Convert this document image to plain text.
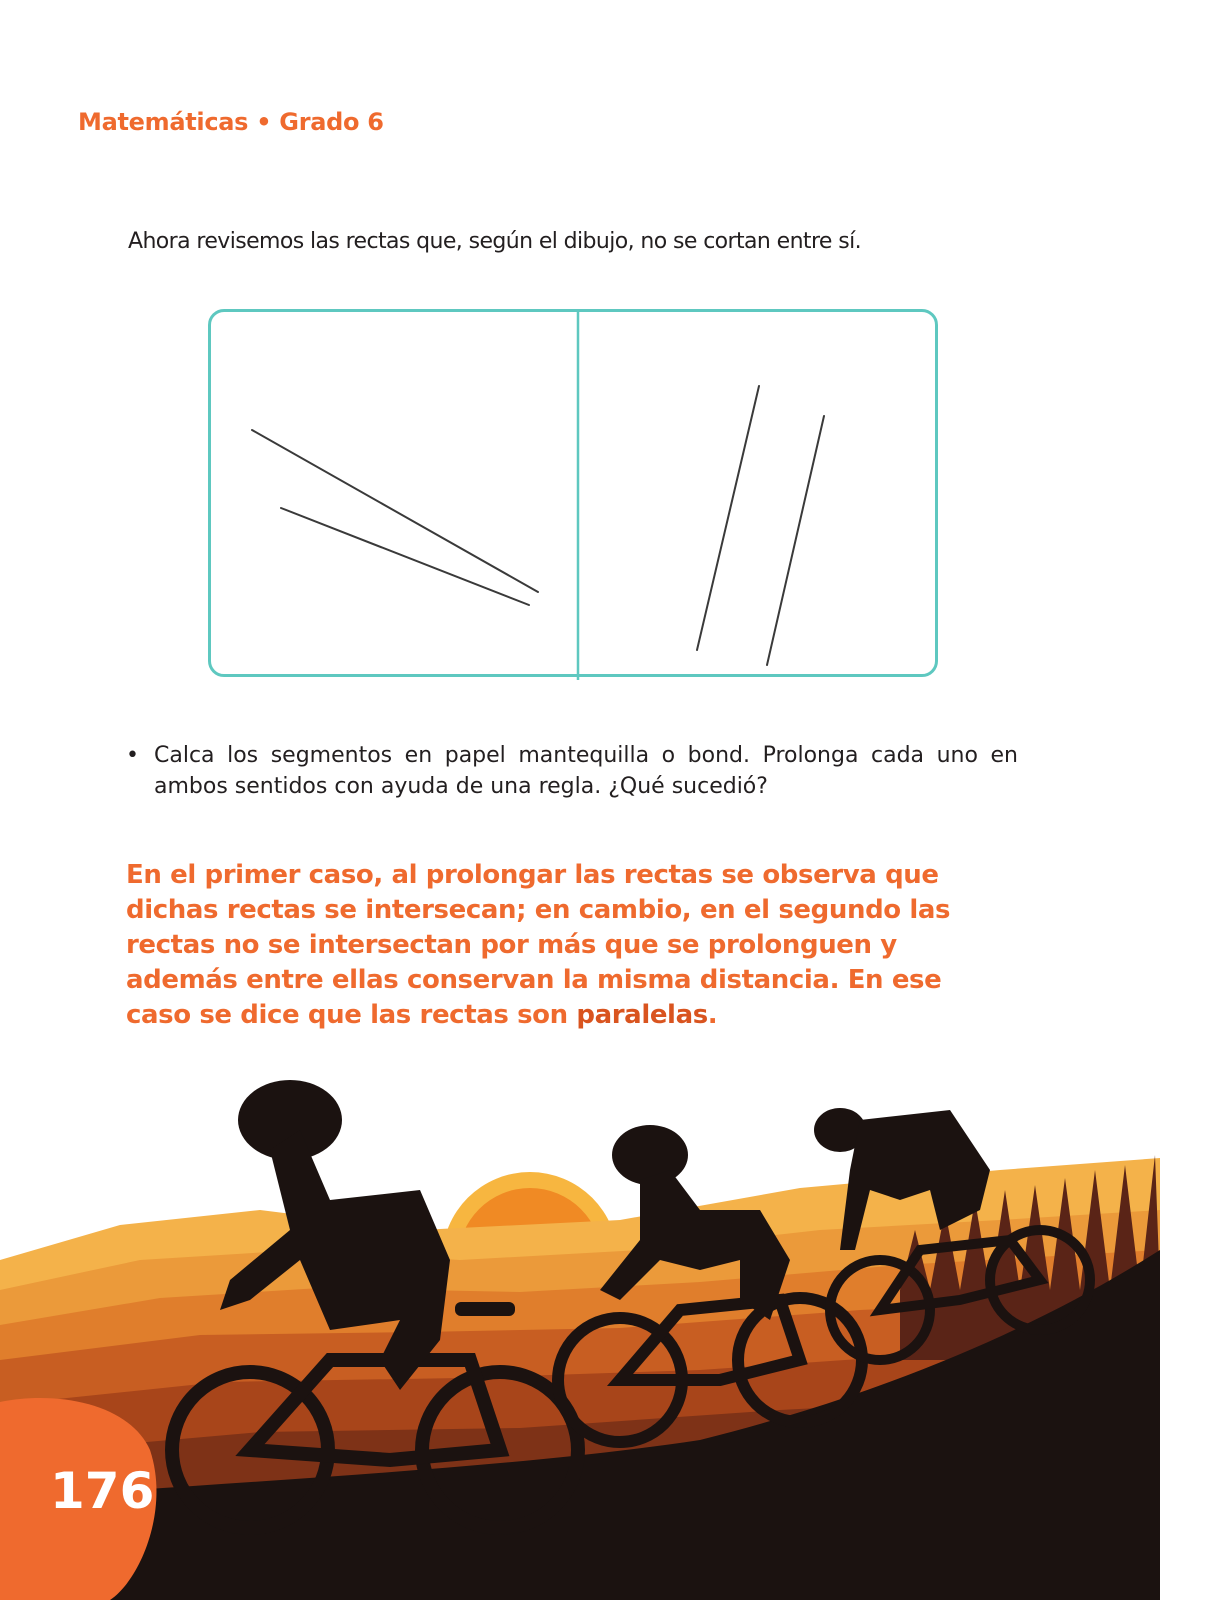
Matemáticas • Grado 6
Ahora revisemos las rectas que, según el dibujo, no se cortan entre sí.
• Calca los segmentos en papel mantequilla o bond. Prolonga cada uno en ambos sentidos con ayuda de una regla. ¿Qué sucedió?
En el primer caso, al prolongar las rectas se observa que dichas rectas se intersecan; en cambio, en el segundo las rectas no se intersectan por más que se prolonguen y además entre ellas conservan la misma distancia. En ese caso se dice que las rectas son paralelas.
176
